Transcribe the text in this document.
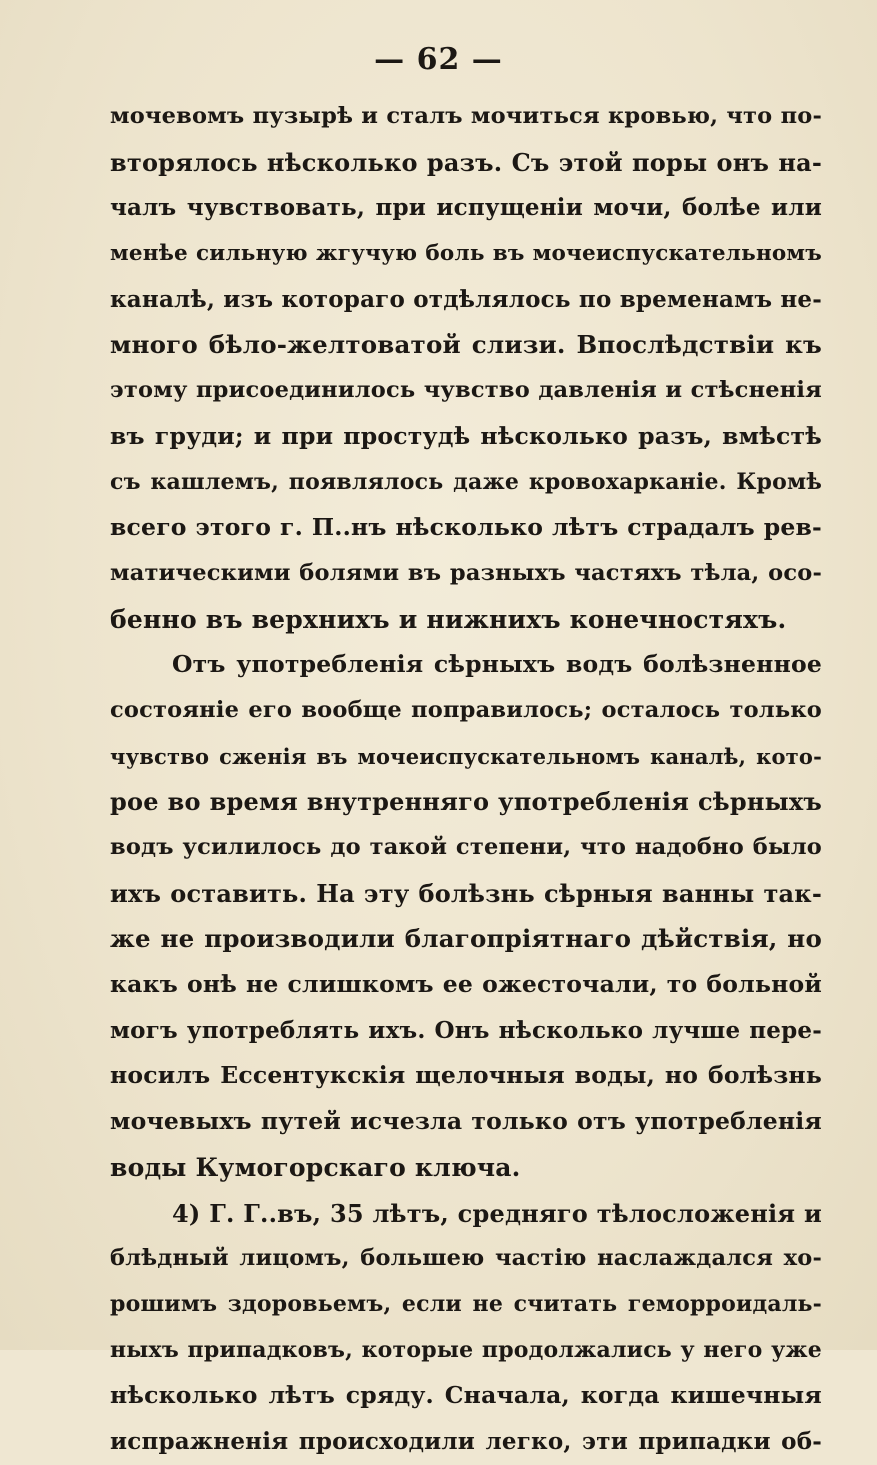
— 62 —
мочевомъ пузырѣ и сталъ мочиться кровью, что по-
вторялось нѣсколько разъ. Съ этой поры онъ на-
чалъ чувствовать, при испущеніи мочи, болѣе или
менѣе сильную жгучую боль въ мочеиспускательномъ
каналѣ, изъ котораго отдѣлялось по временамъ не-
много бѣло-желтоватой слизи. Впослѣдствіи къ
этому присоединилось чувство давленія и стѣсненія
въ груди; и при простудѣ нѣсколько разъ, вмѣстѣ
съ кашлемъ, появлялось даже кровохарканіе. Кромѣ
всего этого г. П..нъ нѣсколько лѣтъ страдалъ рев-
матическими болями въ разныхъ частяхъ тѣла, осо-
бенно въ верхнихъ и нижнихъ конечностяхъ.
Отъ употребленія сѣрныхъ водъ болѣзненное
состояніе его вообще поправилось; осталось только
чувство сженія въ мочеиспускательномъ каналѣ, кото-
рое во время внутренняго употребленія сѣрныхъ
водъ усилилось до такой степени, что надобно было
ихъ оставить. На эту болѣзнь сѣрныя ванны так-
же не производили благопріятнаго дѣйствія, но
какъ онѣ не слишкомъ ее ожесточали, то больной
могъ употреблять ихъ. Онъ нѣсколько лучше пере-
носилъ Ессентукскія щелочныя воды, но болѣзнь
мочевыхъ путей исчезла только отъ употребленія
воды Кумогорскаго ключа.
4) Г. Г..въ, 35 лѣтъ, средняго тѣлосложенія и
блѣдный лицомъ, большею частію наслаждался хо-
рошимъ здоровьемъ, если не считать геморроидаль-
ныхъ припадковъ, которые продолжались у него уже
нѣсколько лѣтъ сряду. Сначала, когда кишечныя
испражненія происходили легко, эти припадки об-
